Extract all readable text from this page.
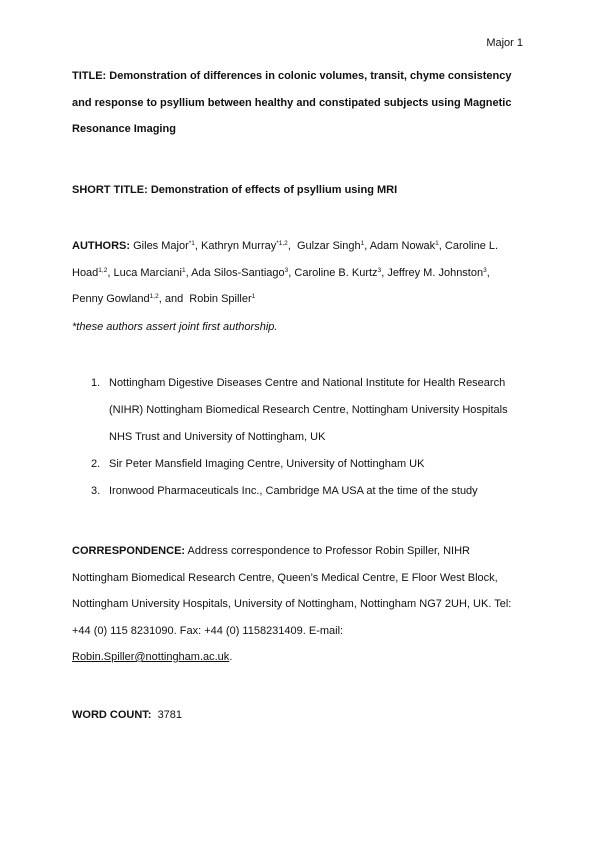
Major 1
TITLE: Demonstration of differences in colonic volumes, transit, chyme consistency and response to psyllium between healthy and constipated subjects using Magnetic Resonance Imaging
SHORT TITLE: Demonstration of effects of psyllium using MRI
AUTHORS: Giles Major$^{*1}$, Kathryn Murray$^{*1,2}$,  Gulzar Singh$^1$, Adam Nowak$^1$, Caroline L. Hoad$^{1,2}$, Luca Marciani$^1$, Ada Silos-Santiago$^3$, Caroline B. Kurtz$^3$, Jeffrey M. Johnston$^3$,  Penny Gowland$^{1,2}$, and  Robin Spiller$^1$
*these authors assert joint first authorship.
1. Nottingham Digestive Diseases Centre and National Institute for Health Research (NIHR) Nottingham Biomedical Research Centre, Nottingham University Hospitals NHS Trust and University of Nottingham, UK
2. Sir Peter Mansfield Imaging Centre, University of Nottingham UK
3. Ironwood Pharmaceuticals Inc., Cambridge MA USA at the time of the study
CORRESPONDENCE: Address correspondence to Professor Robin Spiller, NIHR Nottingham Biomedical Research Centre, Queen’s Medical Centre, E Floor West Block, Nottingham University Hospitals, University of Nottingham, Nottingham NG7 2UH, UK. Tel: +44 (0) 115 8231090. Fax: +44 (0) 1158231409. E-mail:
Robin.Spiller@nottingham.ac.uk.
WORD COUNT: 3781
